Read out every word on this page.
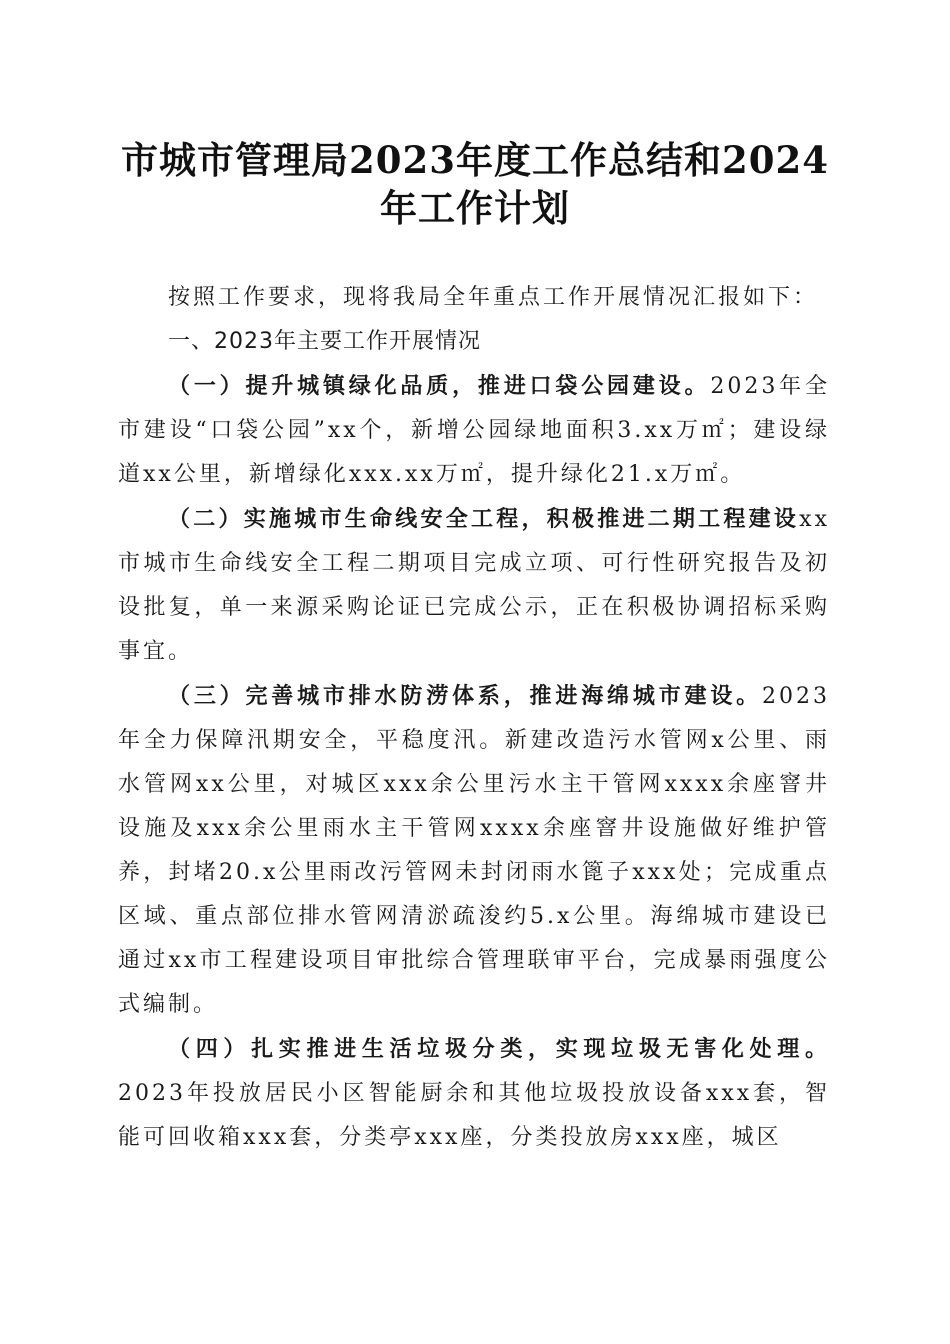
市城市管理局2023年度工作总结和2024年工作计划

按照工作要求，现将我局全年重点工作开展情况汇报如下：

一、2023年主要工作开展情况

（一）提升城镇绿化品质，推进口袋公园建设。2023年全市建设“口袋公园”xx个，新增公园绿地面积3.xx万㎡；建设绿道xx公里，新增绿化xxx.xx万㎡，提升绿化21.x万㎡。

（二）实施城市生命线安全工程，积极推进二期工程建设xx市城市生命线安全工程二期项目完成立项、可行性研究报告及初设批复，单一来源采购论证已完成公示，正在积极协调招标采购事宜。

（三）完善城市排水防涝体系，推进海绵城市建设。2023年全力保障汛期安全，平稳度汛。新建改造污水管网x公里、雨水管网xx公里，对城区xxx余公里污水主干管网xxxx余座窨井设施及xxx余公里雨水主干管网xxxx余座窨井设施做好维护管养，封堵20.x公里雨改污管网未封闭雨水篦子xxx处；完成重点区域、重点部位排水管网清淤疏浚约5.x公里。海绵城市建设已通过xx市工程建设项目审批综合管理联审平台，完成暴雨强度公式编制。

（四）扎实推进生活垃圾分类，实现垃圾无害化处理。2023年投放居民小区智能厨余和其他垃圾投放设备xxx套，智能可回收箱xxx套，分类亭xxx座，分类投放房xxx座，城区
